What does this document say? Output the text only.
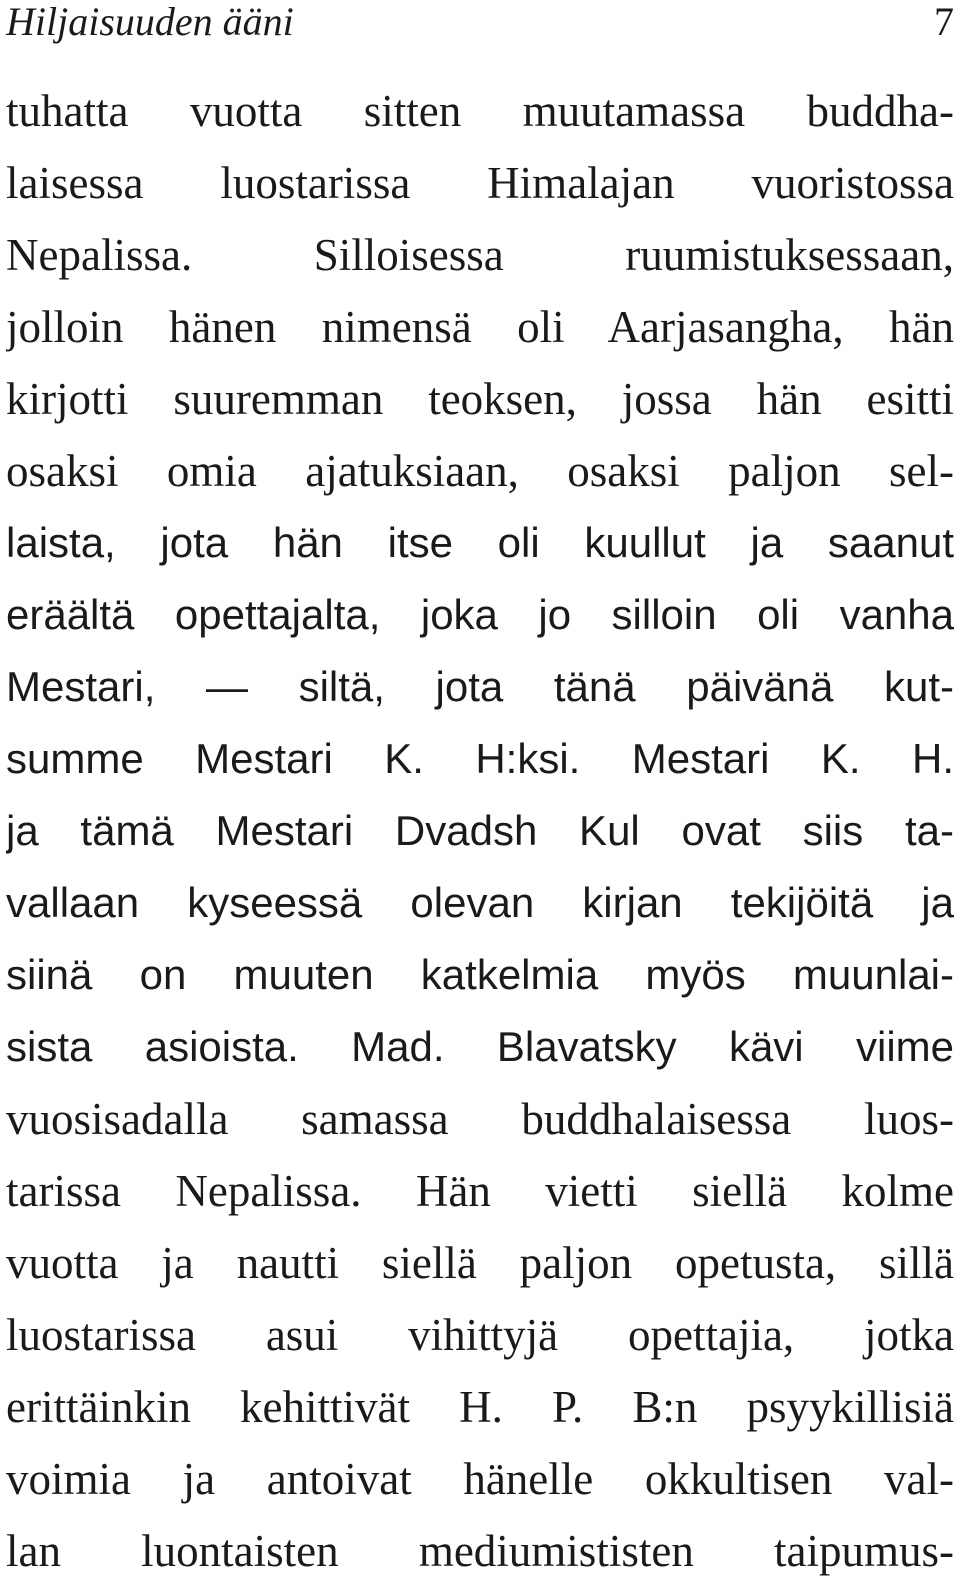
Hiljaisuuden ääni	7
tuhatta vuotta sitten muutamassa buddha-
laisessa luostarissa Himalajan vuoristossa
Nepalissa. Silloisessa ruumistuksessaan,
jolloin hänen nimensä oli Aarjasangha, hän
kirjotti suuremman teoksen, jossa hän esitti
osaksi omia ajatuksiaan, osaksi paljon sel-
laista, jota hän itse oli kuullut ja saanut
eräältä opettajalta, joka jo silloin oli vanha
Mestari, — siltä, jota tänä päivänä kut-
summe Mestari K. H:ksi. Mestari K. H.
ja tämä Mestari Dvadsh Kul ovat siis ta-
vallaan kyseessä olevan kirjan tekijöitä ja
siinä on muuten katkelmia myös muunlai-
sista asioista. Mad. Blavatsky kävi viime
vuosisadalla samassa buddhalaisessa luos-
tarissa Nepalissa. Hän vietti siellä kolme
vuotta ja nautti siellä paljon opetusta, sillä
luostarissa asui vihittyjä opettajia, jotka
erittäinkin kehittivät H. P. B:n psyykillisiä
voimia ja antoivat hänelle okkultisen val-
lan luontaisten mediumististen taipumus-
